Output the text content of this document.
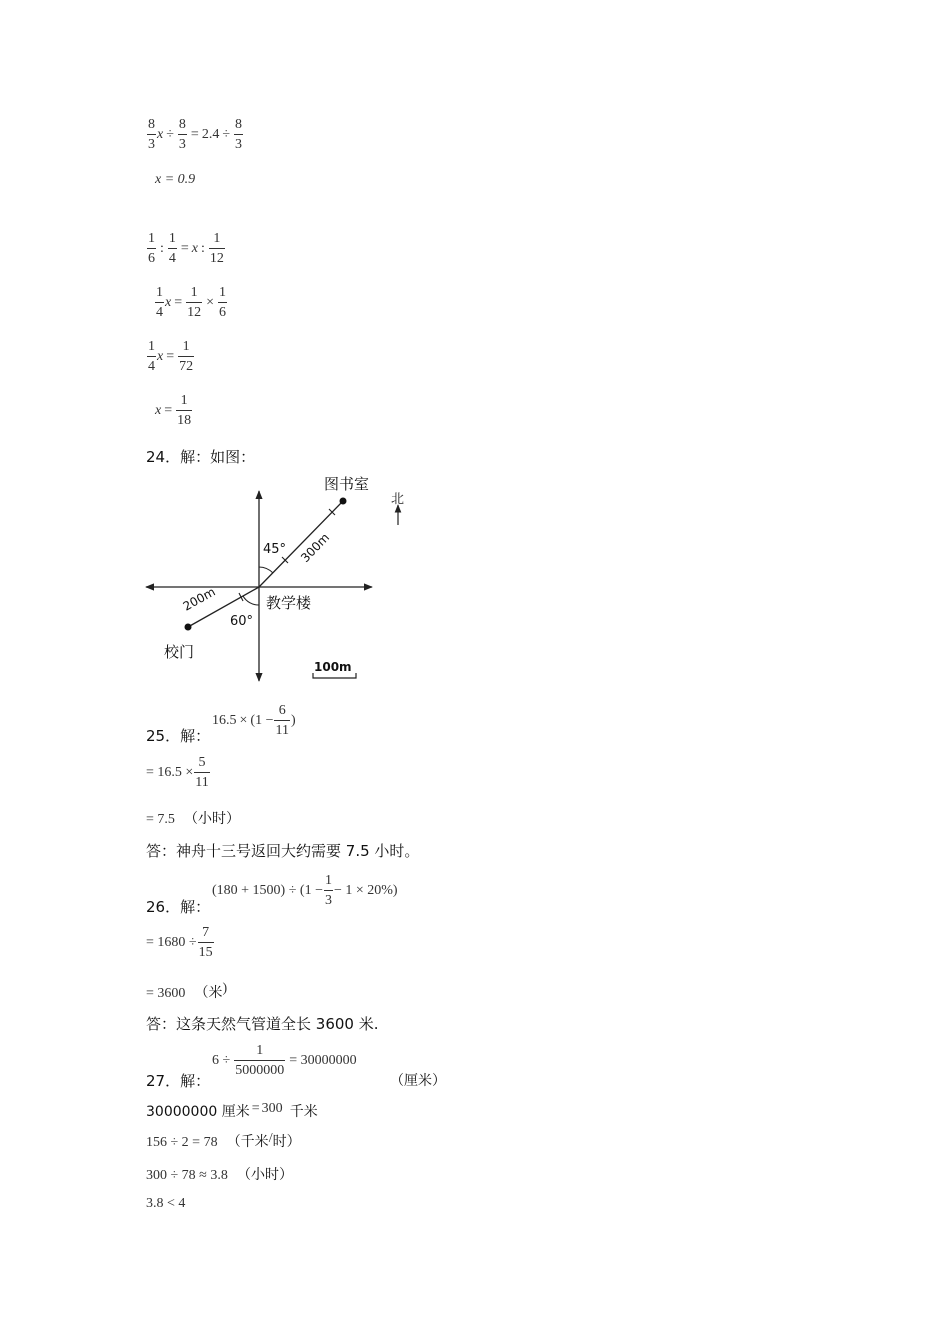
$\frac{8}{3}$ $x \div \frac{8}{3} = 2.4 \div \frac{8}{3}$
x = 0.9
$\frac{1}{6}$ : $\frac{1}{4} = x$ : $\frac{1}{12}$
$\frac{1}{4}$ $x = \frac{1}{12} \times \frac{1}{6}$
$\frac{1}{4}$ $x = \frac{1}{72}$
$x = \frac{1}{18}$
24．解：如图：
北
图书室
校门
45°
60°
300m
200m	教学楼
100m
$16.5 \times (1 - \frac{6}{11}$ )
25．解：
= $16.5 \times \frac{5}{11}$
= 7.5 （小时）
答：神舟十三号返回大约需要 7.5 小时。
$(180 + 1500) \div (1 - \frac{1}{3} - 1 \times 20\%)$
26．解：
= $1680 \div \frac{7}{15}$
= 3600 （米)
答：这条天然气管道全长 3600 米.
$6 \div \frac{1}{5000000} = 30000000$
（厘米）
27．解：
30000000 厘米 = 300 千米
156 ÷ 2 = 78 （千米/时）
300 ÷ 78 ≈ 3.8 （小时）
3.8 < 4
